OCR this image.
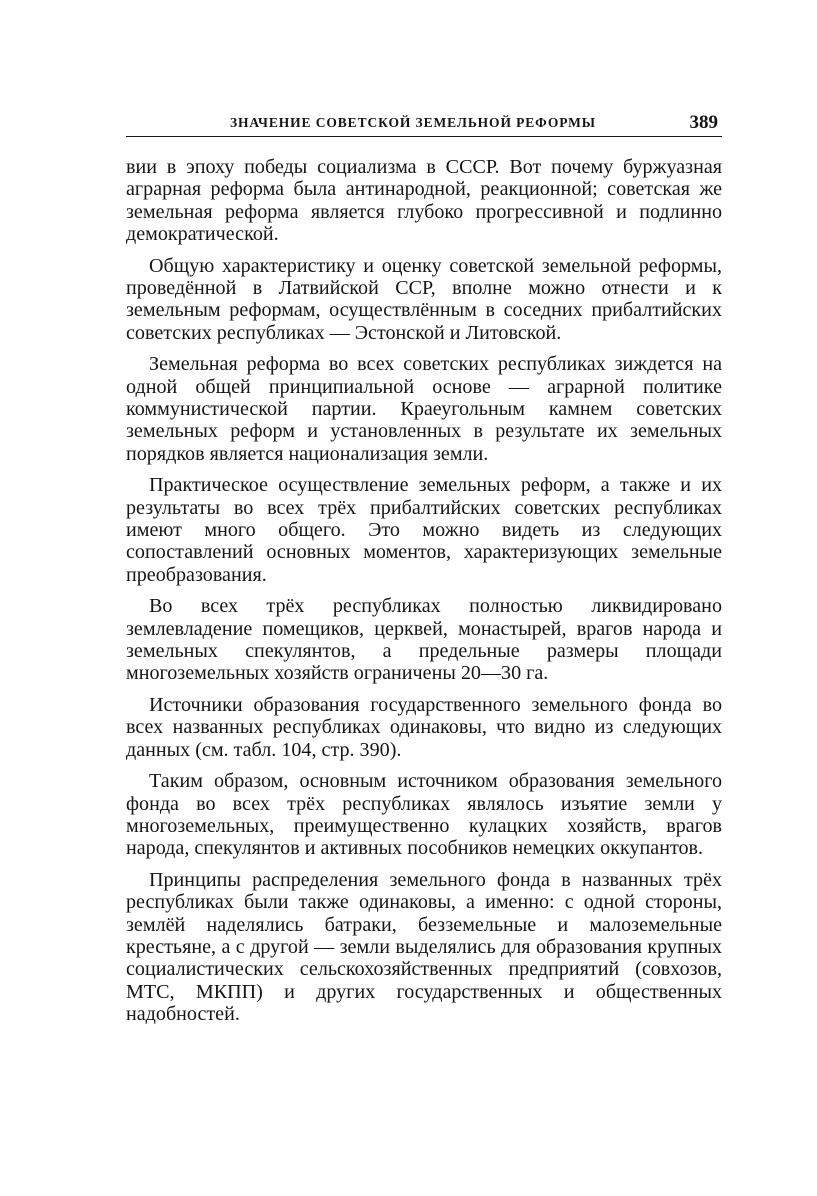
ЗНАЧЕНИЕ СОВЕТСКОЙ ЗЕМЕЛЬНОЙ РЕФОРМЫ	389

вии в эпоху победы социализма в СССР. Вот почему буржуазная аграрная реформа была антинародной, реакционной; советская же земельная реформа является глубоко прогрессивной и подлинно демократической.

Общую характеристику и оценку советской земельной реформы, проведённой в Латвийской ССР, вполне можно отнести и к земельным реформам, осуществлённым в соседних прибалтийских советских республиках — Эстонской и Литовской.

Земельная реформа во всех советских республиках зиждется на одной общей принципиальной основе — аграрной политике коммунистической партии. Краеугольным камнем советских земельных реформ и установленных в результате их земельных порядков является национализация земли.

Практическое осуществление земельных реформ, а также и их результаты во всех трёх прибалтийских советских республиках имеют много общего. Это можно видеть из следующих сопоставлений основных моментов, характеризующих земельные преобразования.

Во всех трёх республиках полностью ликвидировано землевладение помещиков, церквей, монастырей, врагов народа и земельных спекулянтов, а предельные размеры площади многоземельных хозяйств ограничены 20—30 га.

Источники образования государственного земельного фонда во всех названных республиках одинаковы, что видно из следующих данных (см. табл. 104, стр. 390).

Таким образом, основным источником образования земельного фонда во всех трёх республиках являлось изъятие земли у многоземельных, преимущественно кулацких хозяйств, врагов народа, спекулянтов и активных пособников немецких оккупантов.

Принципы распределения земельного фонда в названных трёх республиках были также одинаковы, а именно: с одной стороны, землёй наделялись батраки, безземельные и малоземельные крестьяне, а с другой — земли выделялись для образования крупных социалистических сельскохозяйственных предприятий (совхозов, МТС, МКПП) и других государственных и общественных надобностей.
